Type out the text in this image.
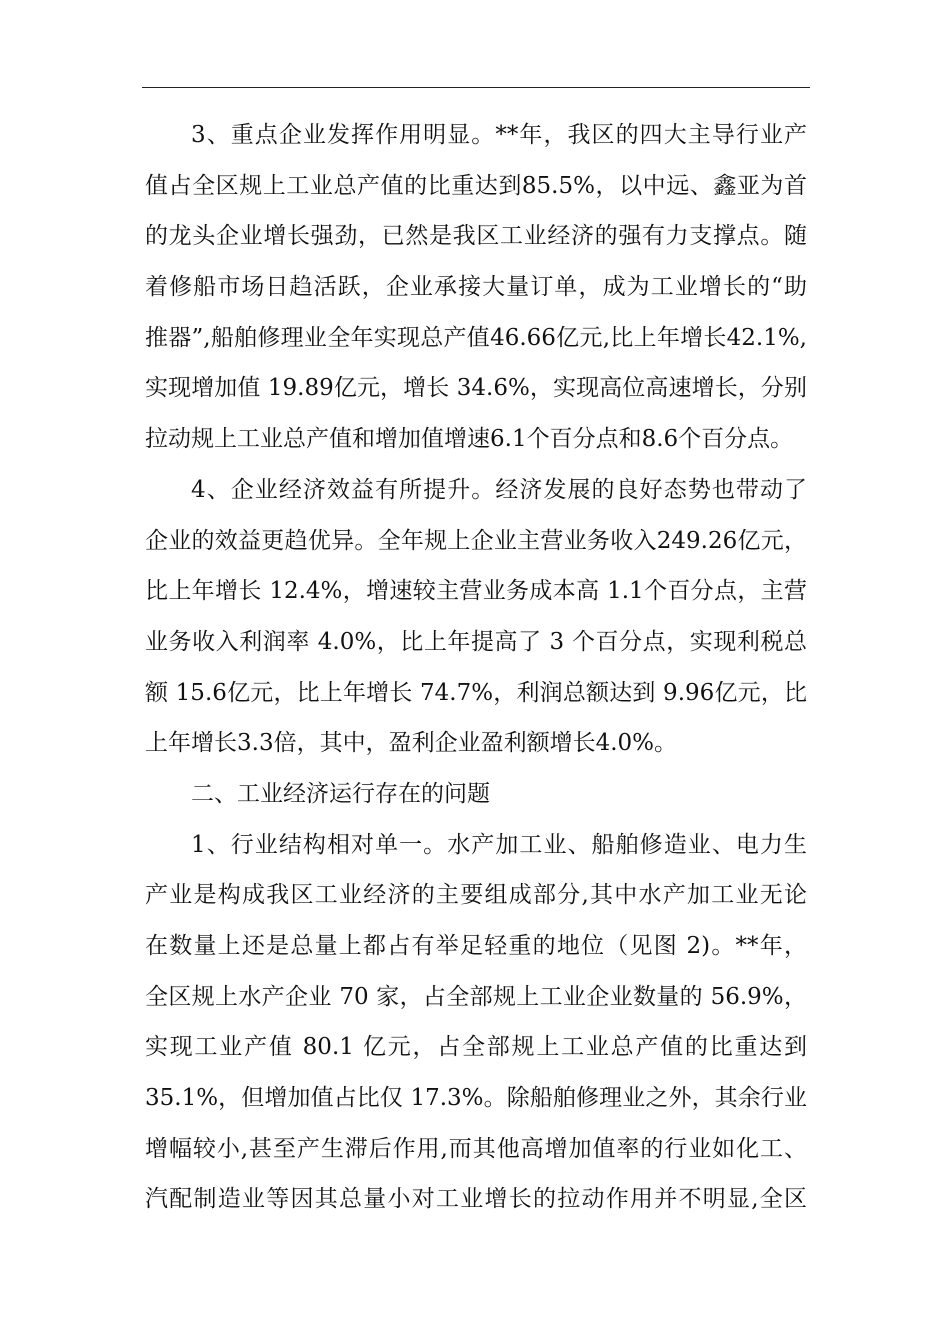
3、重点企业发挥作用明显。**年，我区的四大主导行业产
值占全区规上工业总产值的比重达到85.5%，以中远、鑫亚为首
的龙头企业增长强劲，已然是我区工业经济的强有力支撑点。随
着修船市场日趋活跃，企业承接大量订单，成为工业增长的“助
推器”,船舶修理业全年实现总产值46.66亿元,比上年增长42.1%,
实现增加值 19.89亿元，增长 34.6%，实现高位高速增长，分别
拉动规上工业总产值和增加值增速6.1个百分点和8.6个百分点。
4、企业经济效益有所提升。经济发展的良好态势也带动了
企业的效益更趋优异。全年规上企业主营业务收入249.26亿元，
比上年增长 12.4%，增速较主营业务成本高 1.1个百分点，主营
业务收入利润率 4.0%，比上年提高了 3 个百分点，实现利税总
额 15.6亿元，比上年增长 74.7%，利润总额达到 9.96亿元，比
上年增长3.3倍，其中，盈利企业盈利额增长4.0%。
二、工业经济运行存在的问题
1、行业结构相对单一。水产加工业、船舶修造业、电力生
产业是构成我区工业经济的主要组成部分,其中水产加工业无论
在数量上还是总量上都占有举足轻重的地位（见图 2)。**年，
全区规上水产企业 70 家，占全部规上工业企业数量的 56.9%，
实现工业产值 80.1 亿元，占全部规上工业总产值的比重达到
35.1%，但增加值占比仅 17.3%。除船舶修理业之外，其余行业
增幅较小,甚至产生滞后作用,而其他高增加值率的行业如化工、
汽配制造业等因其总量小对工业增长的拉动作用并不明显,全区
